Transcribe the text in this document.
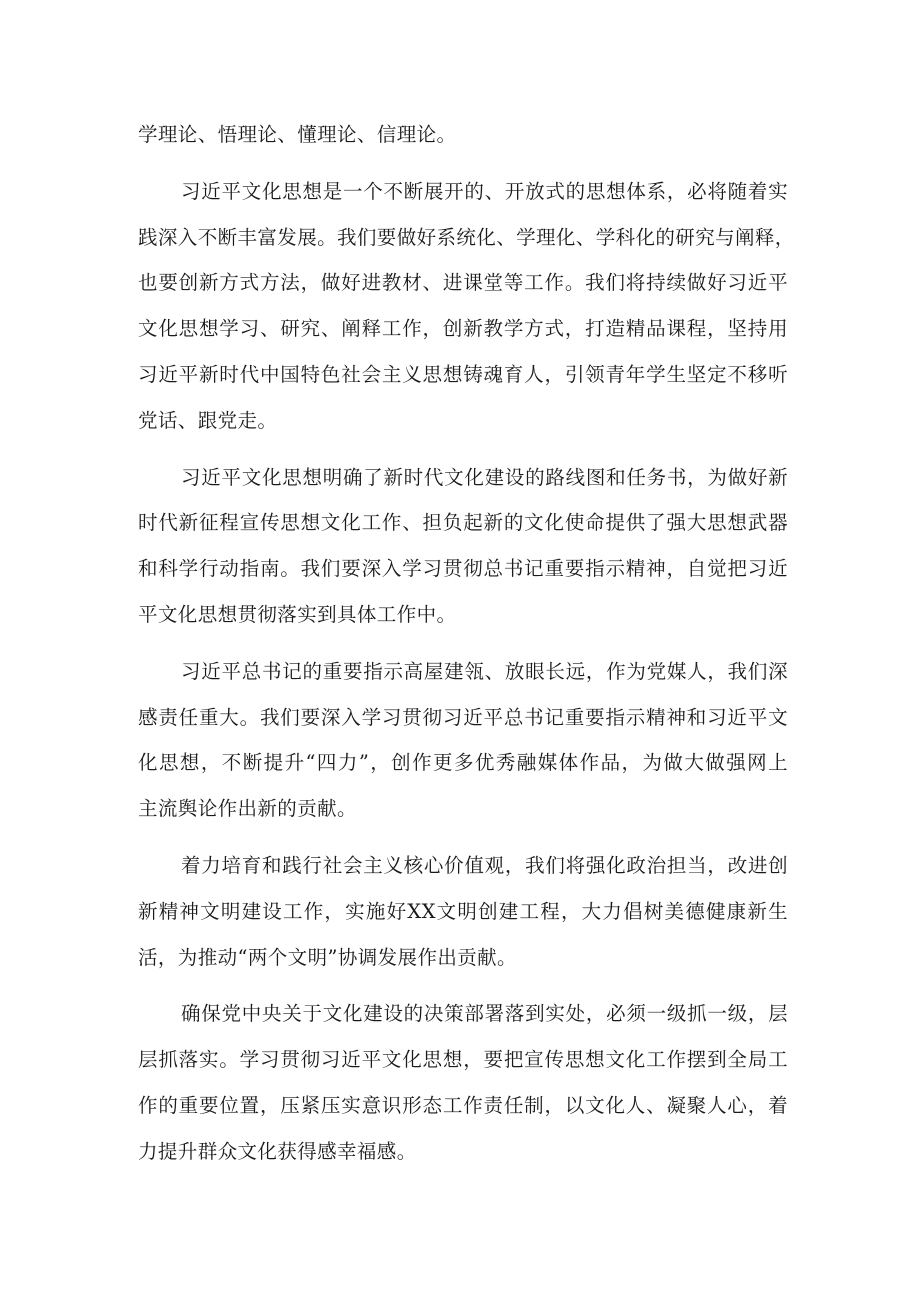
学理论、悟理论、懂理论、信理论。
习近平文化思想是一个不断展开的、开放式的思想体系，必将随着实
践深入不断丰富发展。我们要做好系统化、学理化、学科化的研究与阐释，
也要创新方式方法，做好进教材、进课堂等工作。我们将持续做好习近平
文化思想学习、研究、阐释工作，创新教学方式，打造精品课程，坚持用
习近平新时代中国特色社会主义思想铸魂育人，引领青年学生坚定不移听
党话、跟党走。
习近平文化思想明确了新时代文化建设的路线图和任务书，为做好新
时代新征程宣传思想文化工作、担负起新的文化使命提供了强大思想武器
和科学行动指南。我们要深入学习贯彻总书记重要指示精神，自觉把习近
平文化思想贯彻落实到具体工作中。
习近平总书记的重要指示高屋建瓴、放眼长远，作为党媒人，我们深
感责任重大。我们要深入学习贯彻习近平总书记重要指示精神和习近平文
化思想，不断提升“四力”，创作更多优秀融媒体作品，为做大做强网上
主流舆论作出新的贡献。
着力培育和践行社会主义核心价值观，我们将强化政治担当，改进创
新精神文明建设工作，实施好XX文明创建工程，大力倡树美德健康新生
活，为推动“两个文明”协调发展作出贡献。
确保党中央关于文化建设的决策部署落到实处，必须一级抓一级，层
层抓落实。学习贯彻习近平文化思想，要把宣传思想文化工作摆到全局工
作的重要位置，压紧压实意识形态工作责任制，以文化人、凝聚人心，着
力提升群众文化获得感幸福感。
